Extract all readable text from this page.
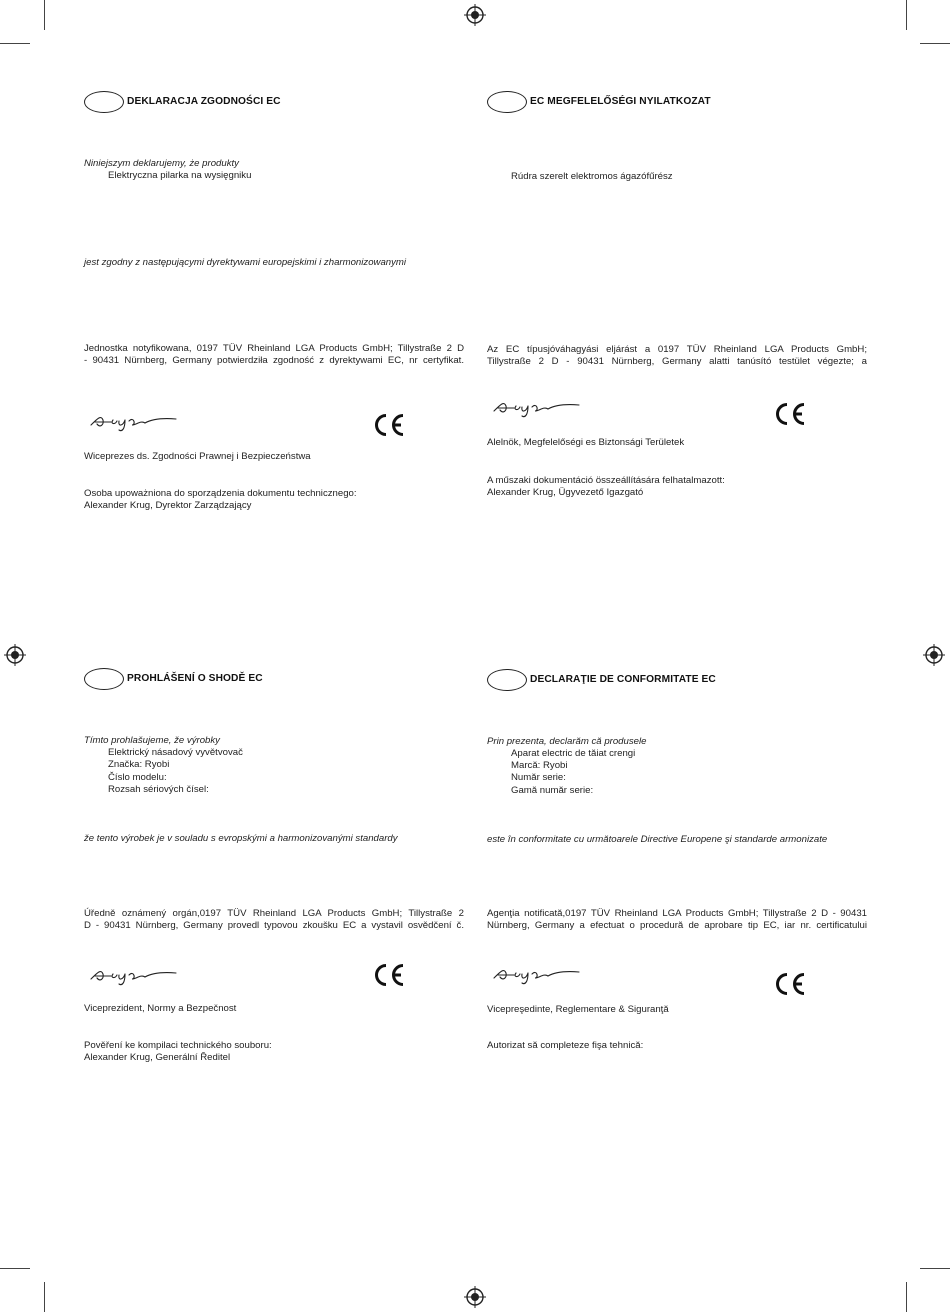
DEKLARACJA ZGODNOŚCI EC
Niniejszym deklarujemy, że produkty
Elektryczna pilarka na wysięgniku
jest zgodny z następującymi dyrektywami europejskimi i zharmonizowanymi
Jednostka notyfikowana, 0197 TÜV Rheinland LGA Products GmbH; Tillystraße 2 D
- 90431 Nürnberg, Germany potwierdziła zgodność z dyrektywami EC, nr certyfikat.
Wiceprezes ds. Zgodności Prawnej i Bezpieczeństwa
Osoba upoważniona do sporządzenia dokumentu technicznego:
Alexander Krug, Dyrektor Zarządzający
EC MEGFELELŐSÉGI NYILATKOZAT
Rúdra szerelt elektromos ágazófűrész
Az EC típusjóváhagyási eljárást a 0197 TÜV Rheinland LGA Products GmbH;
Tillystraße 2 D - 90431 Nürnberg, Germany alatti tanúsító testület végezte; a
Alelnök, Megfelelőségi es Biztonsági Területek
A műszaki dokumentáció összeállítására felhatalmazott:
Alexander Krug, Ügyvezető Igazgató
PROHLÁŠENÍ O SHODĚ EC
Tímto prohlašujeme, že výrobky
Elektrický násadový vyvětvovač
Značka: Ryobi
Číslo modelu:
Rozsah sériových čísel:
že tento výrobek je v souladu s evropskými a harmonizovanými standardy
Úředně oznámený orgán,0197 TÜV Rheinland LGA Products GmbH; Tillystraße 2
D - 90431 Nürnberg, Germany provedl typovou zkoušku EC a vystavil osvědčení č.
Viceprezident, Normy a Bezpečnost
Pověření ke kompilaci technického souboru:
Alexander Krug, Generální Ředitel
DECLARAŢIE DE CONFORMITATE EC
Prin prezenta, declarăm că produsele
Aparat electric de tăiat crengi
Marcă: Ryobi
Număr serie:
Gamă număr serie:
este în conformitate cu următoarele Directive Europene şi standarde armonizate
Agenţia notificată,0197 TÜV Rheinland LGA Products GmbH; Tillystraße 2 D - 90431
Nürnberg, Germany a efectuat o procedură de aprobare tip EC, iar nr. certificatului
Vicepreşedinte, Reglementare & Siguranţă
Autorizat să completeze fişa tehnică:
